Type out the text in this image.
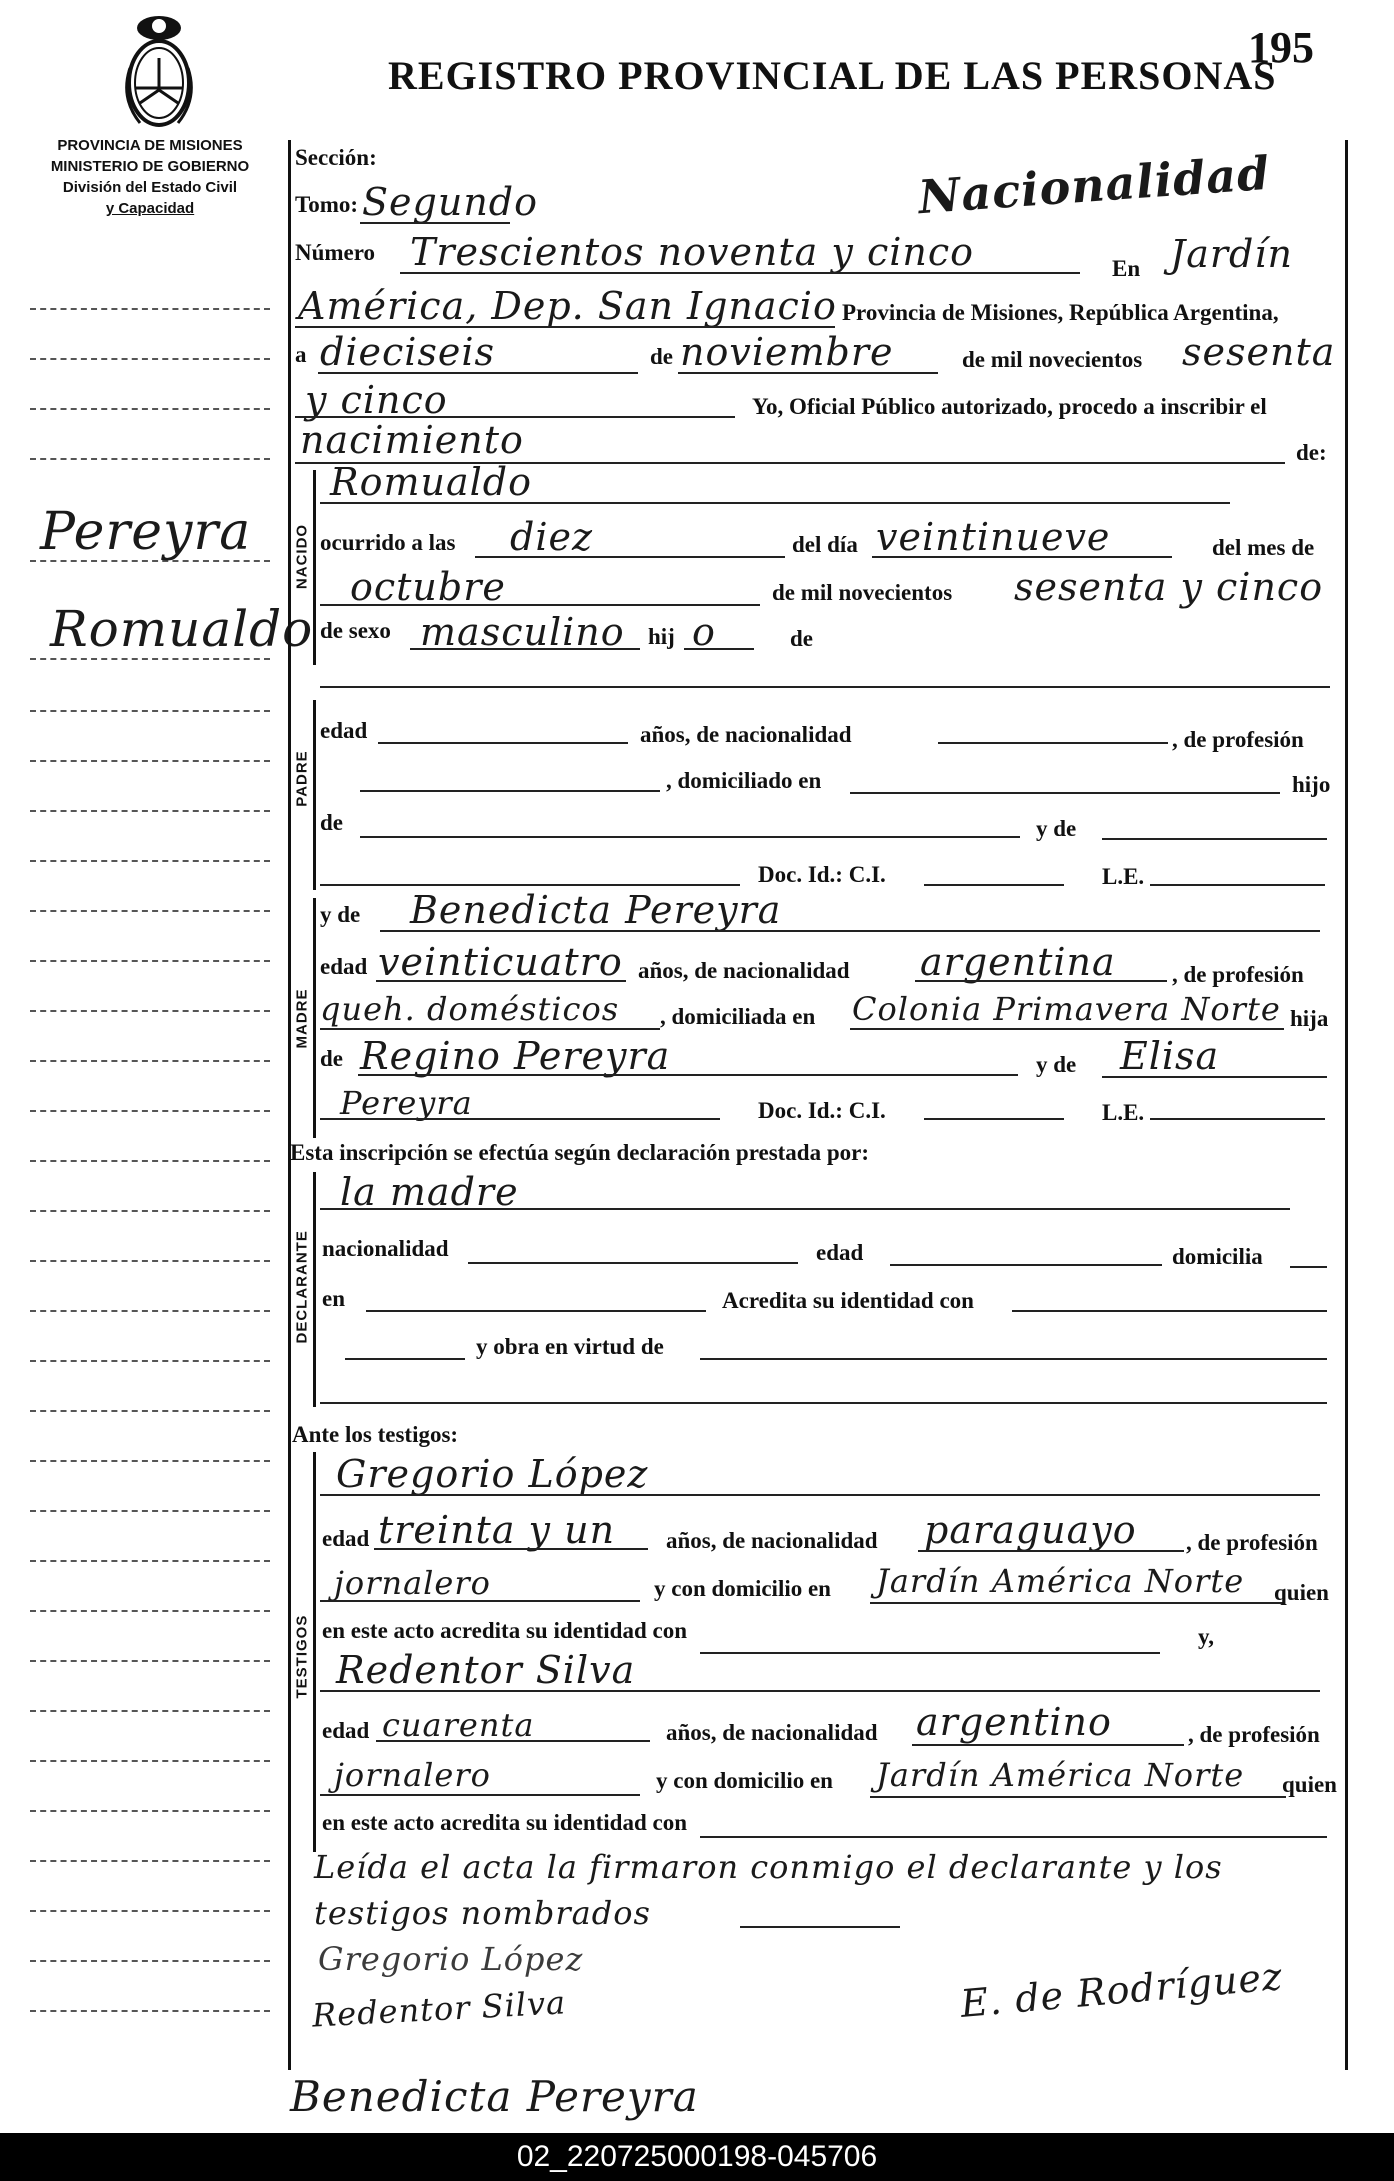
REGISTRO PROVINCIAL DE LAS PERSONAS
195
Nacionalidad
PROVINCIA DE MISIONES
MINISTERIO DE GOBIERNO
División del Estado Civil
y Capacidad
Pereyra
Romualdo
Sección:
Tomo: Segundo
Número Trescientos noventa y cinco	En Jardín
América, Dep. San Ignacio Provincia de Misiones, República Argentina,
a dieciseis	de noviembre	de mil novecientos sesenta
y cinco	Yo, Oficial Público autorizado, procedo a inscribir el
nacimiento	de:
NACIDO
Romualdo
ocurrido a las diez	del día veintinueve	del mes de
octubre	de mil novecientos sesenta y cinco
de sexo masculino hij o	de
PADRE
edad	años, de nacionalidad	, de profesión
, domiciliado en	hijo
de	y de
Doc. Id.: C.I.	L.E.
MADRE
y de Benedicta Pereyra
edad veinticuatro años, de nacionalidad argentina , de profesión
queh. domésticos , domiciliada en Colonia Primavera Norte hija
de Regino Pereyra	y de Elisa
Pereyra	Doc. Id.: C.I.	L.E.
Esta inscripción se efectúa según declaración prestada por:
DECLARANTE
la madre
nacionalidad	edad	domicilia
en	Acredita su identidad con
y obra en virtud de
Ante los testigos:
TESTIGOS
Gregorio López
edad treinta y un años, de nacionalidad paraguayo , de profesión
jornalero	y con domicilio en Jardín América Norte quien
en este acto acredita su identidad con	y,
Redentor Silva
edad cuarenta	años, de nacionalidad argentino	, de profesión
jornalero	y con domicilio en Jardín América Norte quien
en este acto acredita su identidad con
Leída el acta la firmaron conmigo el declarante y los
testigos nombrados
Gregorio López
Redentor Silva	E. de Rodríguez
Benedicta Pereyra
02_220725000198-045706
